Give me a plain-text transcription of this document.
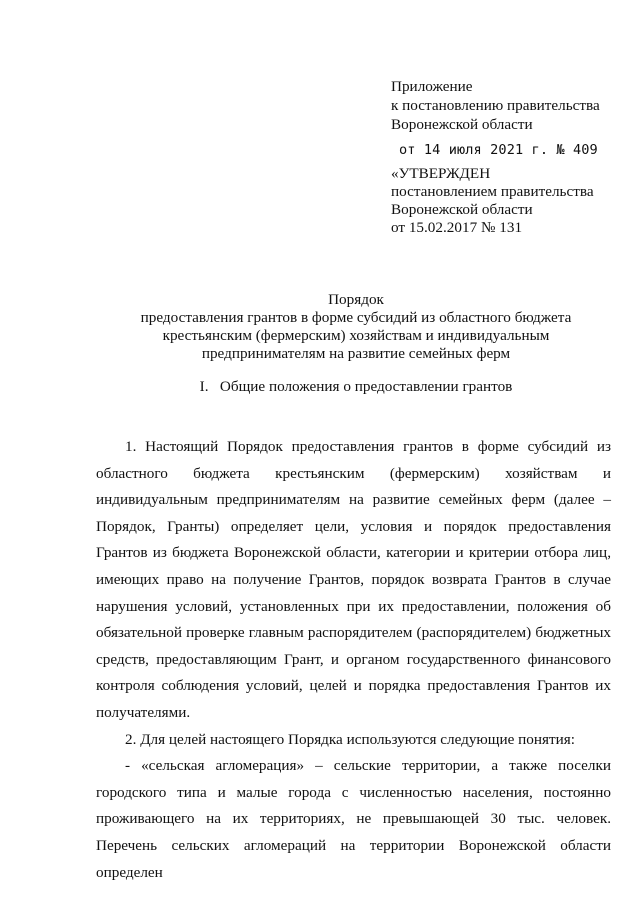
Приложение
к постановлению правительства
Воронежской области
от 14 июля 2021 г. № 409
«УТВЕРЖДЕН
постановлением правительства
Воронежской области
от 15.02.2017 № 131
Порядок
предоставления грантов в форме субсидий из областного бюджета
крестьянским (фермерским) хозяйствам и индивидуальным
предпринимателям на развитие семейных ферм
I.   Общие положения о предоставлении грантов

1. Настоящий Порядок предоставления грантов в форме субсидий из областного бюджета крестьянским (фермерским) хозяйствам и индивидуальным предпринимателям на развитие семейных ферм (далее – Порядок, Гранты) определяет цели, условия и порядок предоставления Грантов из бюджета Воронежской области, категории и критерии отбора лиц, имеющих право на получение Грантов, порядок возврата Грантов в случае нарушения условий, установленных при их предоставлении, положения об обязательной проверке главным распорядителем (распорядителем) бюджетных средств, предоставляющим Грант, и органом государственного финансового контроля соблюдения условий, целей и порядка предоставления Грантов их получателями.

2. Для целей настоящего Порядка используются следующие понятия:

- «сельская агломерация» – сельские территории, а также поселки городского типа и малые города с численностью населения, постоянно проживающего на их территориях, не превышающей 30 тыс. человек. Перечень сельских агломераций на территории Воронежской области определен
